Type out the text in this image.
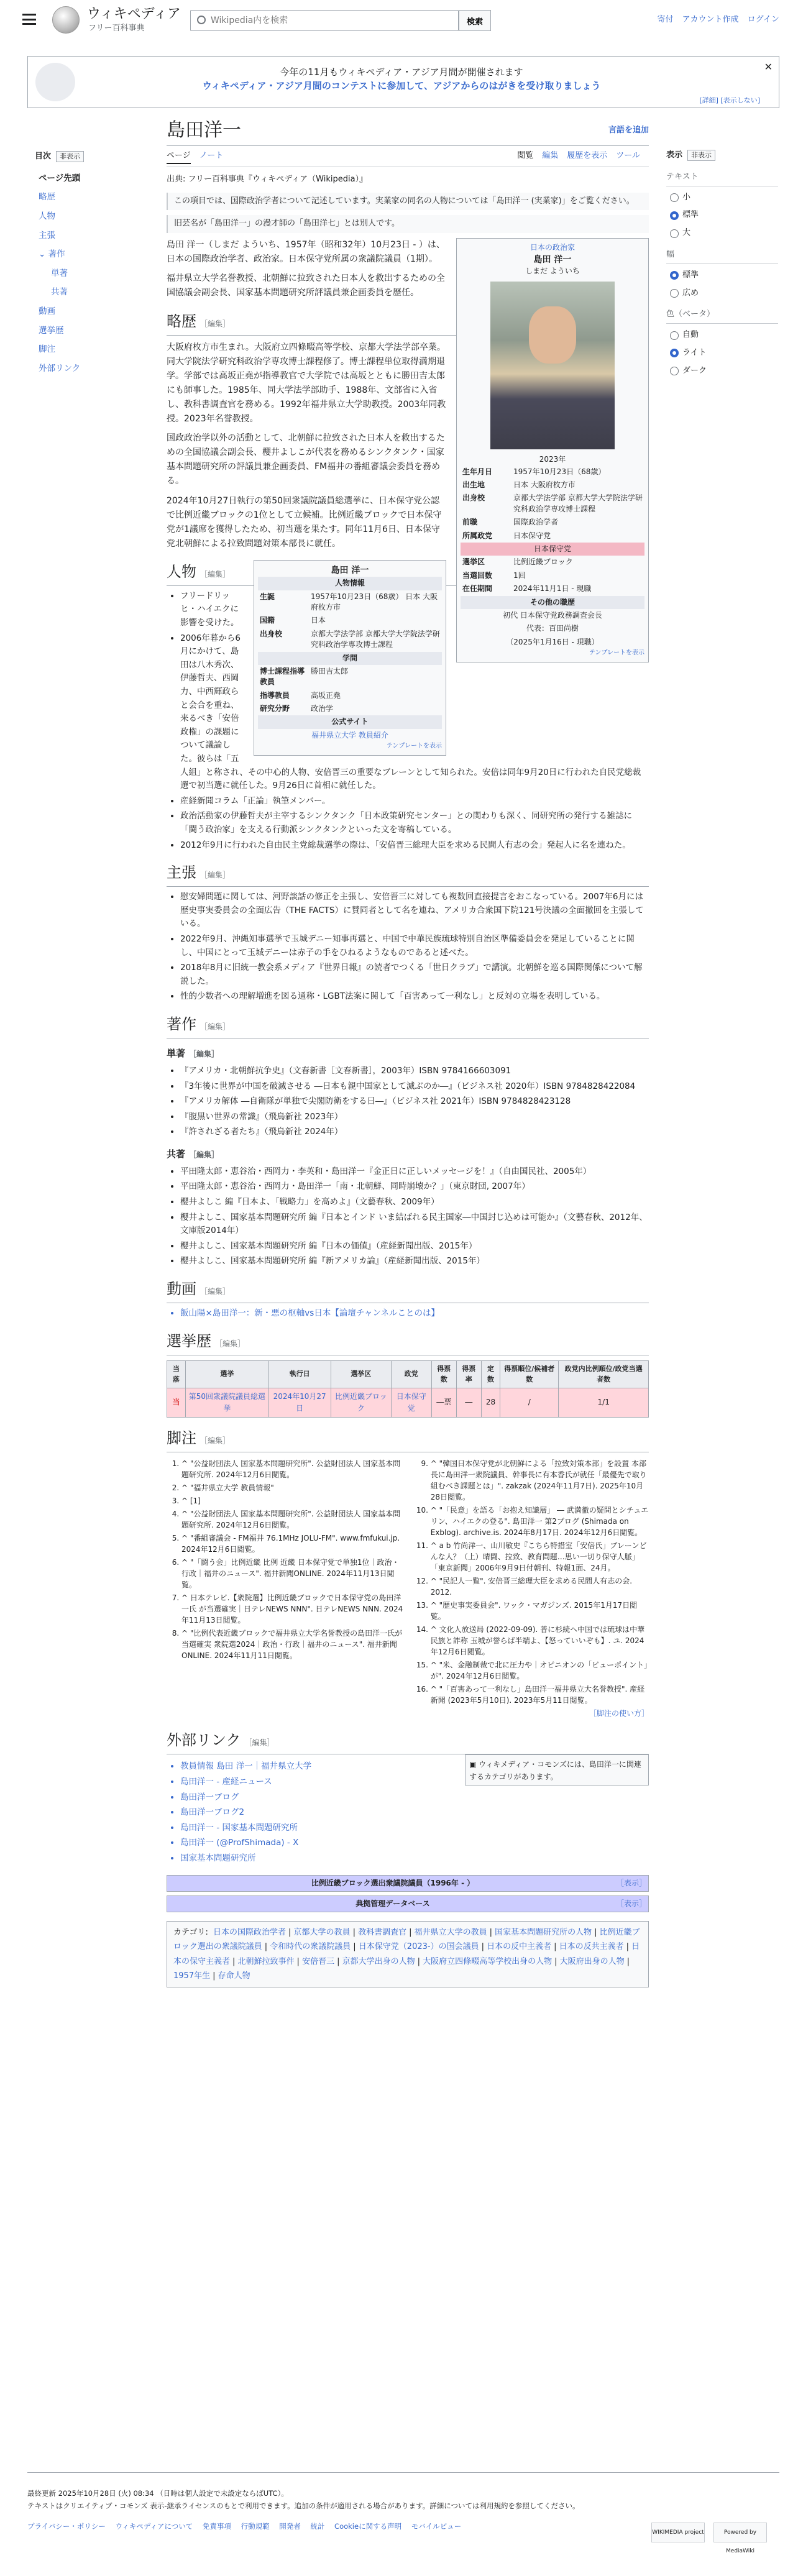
ウィキペディア
フリー百科事典
Wikipedia内を検索
検索	寄付 アカウント作成 ログイン
今年の11月もウィキペディア・アジア月間が開催されます
ウィキペディア・アジア月間のコンテストに参加して、アジアからのはがきを受け取りましょう
✕
[詳細] [表示しない]
目次 非表示
ページ先頭
略歴
人物
主張
⌄ 著作
単著
共著
動画
選挙歴
脚注
外部リンク
表示 非表示
テキスト
小
標準
大
幅
標準
広め
色（ベータ）
自動
ライト
ダーク
島田洋一	言語を追加
ページ ノート	閲覧 編集 履歴を表示 ツール
出典: フリー百科事典『ウィキペディア（Wikipedia）』
この項目では、国際政治学者について記述しています。実業家の同名の人物については「島田洋一 (実業家)」をご覧ください。
旧芸名が「島田洋一」の漫才師の「島田洋七」とは別人です。
日本の政治家
島田 洋一
しまだ よういち
2023年
生年月日	1957年10月23日（68歳）
出生地	日本 大阪府枚方市
出身校	京都大学法学部 京都大学大学院法学研究科政治学専攻博士課程
前職	国際政治学者
所属政党	日本保守党
日本保守党	
選挙区	比例近畿ブロック
当選回数	1回
在任期間	2024年11月1日 - 現職
その他の職歴	
初代 日本保守党政務調査会長	
代表：百田尚樹	
（2025年1月16日 - 現職）	
テンプレートを表示

島田 洋一（しまだ よういち、1957年（昭和32年）10月23日 - ）は、日本の国際政治学者、政治家。日本保守党所属の衆議院議員（1期）。

福井県立大学名誉教授、北朝鮮に拉致された日本人を救出するための全国協議会副会長、国家基本問題研究所評議員兼企画委員を歴任。

略歴 ［編集］

大阪府枚方市生まれ。大阪府立四條畷高等学校、京都大学法学部卒業。同大学院法学研究科政治学専攻博士課程修了。博士課程単位取得満期退学。学部では高坂正堯が指導教官で大学院では高坂とともに勝田吉太郎にも師事した。1985年、同大学法学部助手、1988年、文部省に入省し、教科書調査官を務める。1992年福井県立大学助教授。2003年同教授。2023年名誉教授。

国政政治学以外の活動として、北朝鮮に拉致された日本人を救出するための全国協議会副会長、櫻井よしこが代表を務めるシンクタンク・国家基本問題研究所の評議員兼企画委員、FM福井の番組審議会委員を務める。

2024年10月27日執行の第50回衆議院議員総選挙に、日本保守党公認で比例近畿ブロックの1位として立候補。比例近畿ブロックで日本保守党が1議席を獲得したため、初当選を果たす。同年11月6日、日本保守党北朝鮮による拉致問題対策本部長に就任。

島田 洋一
人物情報
生誕	1957年10月23日（68歳） 日本 大阪府枚方市
国籍	日本
出身校	京都大学法学部 京都大学大学院法学研究科政治学専攻博士課程
学問	
博士課程指導教員	勝田吉太郎
指導教員	高坂正堯
研究分野	政治学
公式サイト	
福井県立大学 教員紹介	
テンプレートを表示
人物 ［編集］
• フリードリッヒ・ハイエクに影響を受けた。
• 2006年暮から6月にかけて、島田は八木秀次、伊藤哲夫、西岡力、中西輝政らと会合を重ね、来るべき「安倍政権」の課題について議論した。彼らは「五人組」と称され、その中心的人物、安倍晋三の重要なブレーンとして知られた。安倍は同年9月20日に行われた自民党総裁選で初当選に就任した。9月26日に首相に就任した。
• 産経新聞コラム「正論」執筆メンバー。
• 政治活動家の伊藤哲夫が主宰するシンクタンク「日本政策研究センター」との関わりも深く、同研究所の発行する雑誌に「闘う政治家」を支える行動派シンクタンクといった文を寄稿している。
• 2012年9月に行われた自由民主党総裁選挙の際は、「安倍晋三総理大臣を求める民間人有志の会」発起人に名を連ねた。
主張 ［編集］
• 慰安婦問題に関しては、河野談話の修正を主張し、安倍晋三に対しても複数回直接提言をおこなっている。2007年6月には歴史事実委員会の全面広告（THE FACTS）に賛同者として名を連ね、アメリカ合衆国下院121号決議の全面撤回を主張している。
• 2022年9月、沖縄知事選挙で玉城デニー知事再選と、中国で中華民族琉球特別自治区準備委員会を発足していることに関し、中国にとって玉城デニーは赤子の手をひねるようなものであると述べた。
• 2018年8月に旧統一教会系メディア『世界日報』の読者でつくる「世日クラブ」で講演。北朝鮮を巡る国際関係について解説した。
• 性的少数者への理解増進を図る通称・LGBT法案に関して「百害あって一利なし」と反対の立場を表明している。
著作 ［編集］
単著 ［編集］
• 『アメリカ・北朝鮮抗争史』（文春新書［文春新書］，2003年）ISBN 9784166603091
• 『3年後に世界が中国を破滅させる ―日本も親中国家として滅ぶのか―』（ビジネス社 2020年）ISBN 9784828422084
• 『アメリカ解体 ―自衛隊が単独で尖閣防衛をする日―』（ビジネス社 2021年）ISBN 9784828423128
• 『腹黒い世界の常識』（飛鳥新社 2023年）
• 『許されざる者たち』（飛鳥新社 2024年）
共著 ［編集］
• 平田隆太郎・恵谷治・西岡力・李英和・島田洋一『金正日に正しいメッセージを！』（自由国民社、2005年）
• 平田隆太郎・恵谷治・西岡力・島田洋一「南・北朝鮮、同時崩壊か？」（東京財団, 2007年）
• 櫻井よしこ 編『日本よ、「戦略力」を高めよ』（文藝春秋、2009年）
• 櫻井よしこ、国家基本問題研究所 編『日本とインド いま結ばれる民主国家―中国封じ込めは可能か』（文藝春秋、2012年、文庫版2014年）
• 櫻井よしこ、国家基本問題研究所 編『日本の価値』（産経新聞出版、2015年）
• 櫻井よしこ、国家基本問題研究所 編『新アメリカ論』（産経新聞出版、2015年）
動画 ［編集］
• 飯山陽×島田洋一：新・悪の枢軸vs日本【論壇チャンネルことのは】
選挙歴 ［編集］
当落	選挙	執行日	選挙区	政党	得票数	得票率	定数	得票順位/候補者数	政党内比例順位/政党当選者数
当	第50回衆議院議員総選挙	2024年10月27日	比例近畿ブロック	日本保守党	―票	―	28	/	1/1
脚注 ［編集］
1. ^ "公益財団法人 国家基本問題研究所". 公益財団法人 国家基本問題研究所. 2024年12月6日閲覧。
2. ^ "福井県立大学 教員情報"
3. ^ [1]
4. ^ "公益財団法人 国家基本問題研究所". 公益財団法人 国家基本問題研究所. 2024年12月6日閲覧。
5. ^ "番組審議会 - FM福井 76.1MHz JOLU-FM". www.fmfukui.jp. 2024年12月6日閲覧。
6. ^ "「闘う会」比例近畿 比例 近畿 日本保守党で単独1位｜政治・行政｜福井のニュース". 福井新聞ONLINE. 2024年11月13日閲覧。
7. ^ 日本テレビ.【衆院選】比例近畿ブロックで日本保守党の島田洋一氏 が当選確実｜日テレNEWS NNN". 日テレNEWS NNN. 2024年11月13日閲覧。
8. ^ "比例代表近畿ブロックで福井県立大学名誉教授の島田洋一氏が当選確実 衆院選2024｜政治・行政｜福井のニュース". 福井新聞ONLINE. 2024年11月11日閲覧。
9. ^ "韓国日本保守党が北朝鮮による「拉致対策本部」を設置 本部長に島田洋一衆院議員、幹事長に有本香氏が就任「最優先で取り組むべき課題とは」". zakzak (2024年11月7日). 2025年10月28日閲覧。
10. ^ "「民意」を語る「お抱え知識層」 ― 武満徹の疑問とシチュエリン、ハイエクの登る". 島田洋一 第2ブログ (Shimada on Exblog). archive.is. 2024年8月17日. 2024年12月6日閲覧。
11. ^ a b 竹尚洋一、山川敏史『こちら特措室「安倍氏」ブレーンどんな人？（上）晴闘、拉致、教育問題…思い一切り保守人脈」「東京新聞」2006年9月9日付朝刊、特報1面、24月。
12. ^ "民記人一覧". 安倍晋三総理大臣を求める民間人有志の会. 2012.
13. ^ "歴史事実委員会". ワック・マガジンズ. 2015年1月17日閲覧。
14. ^ 文化人放送局 (2022-09-09). 普に杉続ヘ中国では琉球は中華民族と詐称 玉城が誉らば半端よ、【怒っていいぞも】. ユ. 2024年12月6日閲覧。
15. ^ "米、金融制裁で北に圧力や｜オピニオンの「ビューポイント」が". 2024年12月6日閲覧。
16. ^ "「百害あって一利なし」島田洋一福井県立大名誉教授". 産経新聞 (2023年5月10日). 2023年5月11日閲覧。
［脚注の使い方］
外部リンク ［編集］
• 教員情報 島田 洋一｜福井県立大学
• 島田洋一 - 産経ニュース
• 島田洋一ブログ
• 島田洋一ブログ2
• 島田洋一 - 国家基本問題研究所
• 島田洋一 (@ProfShimada) - X
• 国家基本問題研究所
▣ ウィキメディア・コモンズには、島田洋一に関連するカテゴリがあります。
比例近畿ブロック選出衆議院議員（1996年 - ）	［表示］
典拠管理データベース	［表示］
カテゴリ: 日本の国際政治学者 | 京都大学の教員 | 教科書調査官 | 福井県立大学の教員 | 国家基本問題研究所の人物 | 比例近畿ブロック選出の衆議院議員 | 令和時代の衆議院議員 | 日本保守党（2023-）の国会議員 | 日本の反中主義者 | 日本の反共主義者 | 日本の保守主義者 | 北朝鮮拉致事件 | 安倍晋三 | 京都大学出身の人物 | 大阪府立四條畷高等学校出身の人物 | 大阪府出身の人物 | 1957年生 | 存命人物
最終更新 2025年10月28日 (火) 08:34 （日時は個人設定で未設定ならばUTC）。
テキストはクリエイティブ・コモンズ 表示-継承ライセンスのもとで利用できます。追加の条件が適用される場合があります。詳細については利用規約を参照してください。
プライバシー・ポリシー ウィキペディアについて 免責事項 行動規範 開発者 統計 Cookieに関する声明 モバイルビュー
WIKIMEDIA project	Powered by MediaWiki
